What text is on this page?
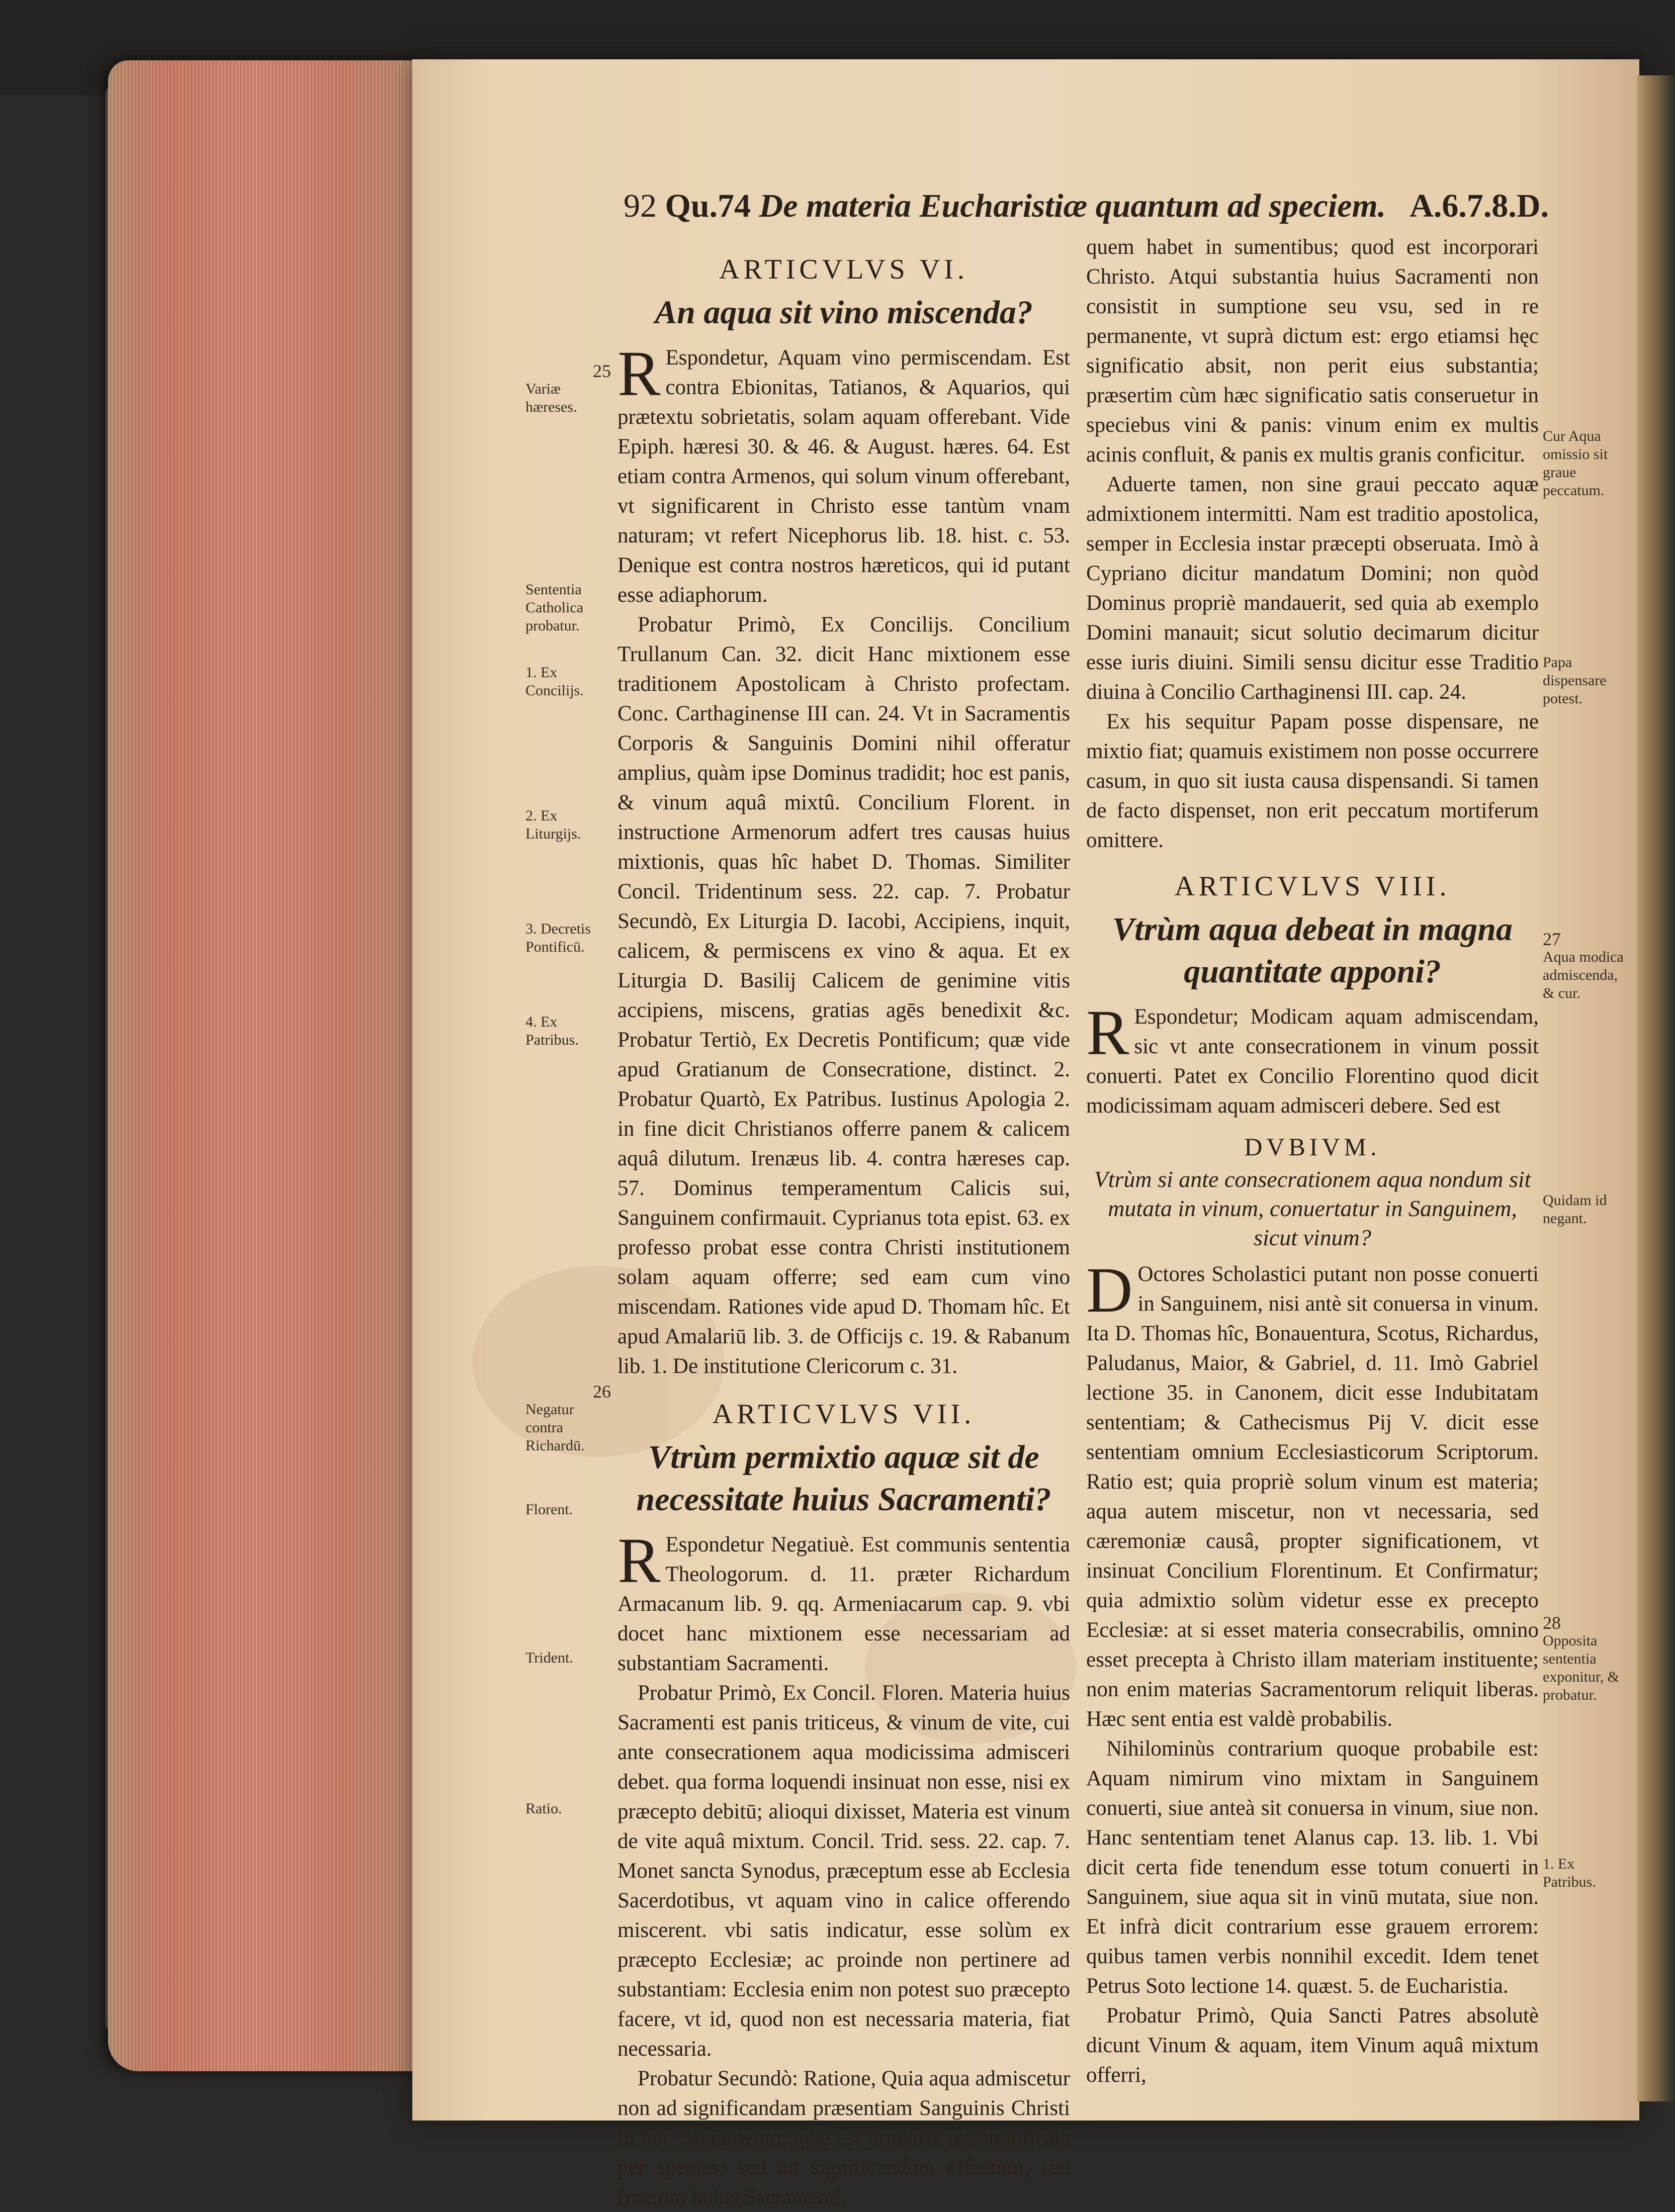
92 Qu.74 De materia Eucharistiæ quantum ad speciem. A.6.7.8.D.
ARTICVLVS VI.
An aqua sit vino miscenda?

R Espondetur, Aquam vino permiscendam. Est contra Ebionitas, Tatianos, & Aquarios, qui prætextu sobrietatis, solam aquam offerebant. Vide Epiph. hæresi 30. & 46. & August. hæres. 64. Est etiam contra Armenos, qui solum vinum offerebant, vt significarent in Christo esse tantùm vnam naturam; vt refert Nicephorus lib. 18. hist. c. 53. Denique est contra nostros hæreticos, qui id putant esse adiaphorum.

Probatur Primò, Ex Concilijs. Concilium Trullanum Can. 32. dicit Hanc mixtionem esse traditionem Apostolicam à Christo profectam. Conc. Carthaginense III can. 24. Vt in Sacramentis Corporis & Sanguinis Domini nihil offeratur amplius, quàm ipse Dominus tradidit; hoc est panis, & vinum aquâ mixtû. Concilium Florent. in instructione Armenorum adfert tres causas huius mixtionis, quas hîc habet D. Thomas. Similiter Concil. Tridentinum sess. 22. cap. 7. Probatur Secundò, Ex Liturgia D. Iacobi, Accipiens, inquit, calicem, & permiscens ex vino & aqua. Et ex Liturgia D. Basilij Calicem de genimine vitis accipiens, miscens, gratias agēs benedixit &c. Probatur Tertiò, Ex Decretis Pontificum; quæ vide apud Gratianum de Consecratione, distinct. 2. Probatur Quartò, Ex Patribus. Iustinus Apologia 2. in fine dicit Christianos offerre panem & calicem aquâ dilutum. Irenæus lib. 4. contra hæreses cap. 57. Dominus temperamentum Calicis sui, Sanguinem confirmauit. Cyprianus tota epist. 63. ex professo probat esse contra Christi institutionem solam aquam offerre; sed eam cum vino miscendam. Rationes vide apud D. Thomam hîc. Et apud Amalariū lib. 3. de Officijs c. 19. & Rabanum lib. 1. De institutione Clericorum c. 31.

ARTICVLVS VII.
Vtrùm permixtio aquæ sit de necessitate huius Sacramenti?

R Espondetur Negatiuè. Est communis sententia Theologorum. d. 11. præter Richardum Armacanum lib. 9. qq. Armeniacarum cap. 9. vbi docet hanc mixtionem esse necessariam ad substantiam Sacramenti.

Probatur Primò, Ex Concil. Floren. Materia huius Sacramenti est panis triticeus, & vinum de vite, cui ante consecrationem aqua modicissima admisceri debet. qua forma loquendi insinuat non esse, nisi ex præcepto debitū; alioqui dixisset, Materia est vinum de vite aquâ mixtum. Concil. Trid. sess. 22. cap. 7. Monet sancta Synodus, præceptum esse ab Ecclesia Sacerdotibus, vt aquam vino in calice offerendo miscerent. vbi satis indicatur, esse solùm ex præcepto Ecclesiæ; ac proinde non pertinere ad substantiam: Ecclesia enim non potest suo præcepto facere, vt id, quod non est necessaria materia, fiat necessaria.

Probatur Secundò: Ratione, Quia aqua admiscetur non ad significandam præsentiam Sanguinis Christi in hoc Sacramento, quæ est primaria res significata per species; sed ad significandum effectum, seu fructum huius Sacramenti,

quem habet in sumentibus; quod est incorporari Christo. Atqui substantia huius Sacramenti non consistit in sumptione seu vsu, sed in re permanente, vt suprà dictum est: ergo etiamsi hęc significatio absit, non perit eius substantia; præsertim cùm hæc significatio satis conseruetur in speciebus vini & panis: vinum enim ex multis acinis confluit, & panis ex multis granis conficitur.

Aduerte tamen, non sine graui peccato aquæ admixtionem intermitti. Nam est traditio apostolica, semper in Ecclesia instar præcepti obseruata. Imò à Cypriano dicitur mandatum Domini; non quòd Dominus propriè mandauerit, sed quia ab exemplo Domini manauit; sicut solutio decimarum dicitur esse iuris diuini. Simili sensu dicitur esse Traditio diuina à Concilio Carthaginensi III. cap. 24.

Ex his sequitur Papam posse dispensare, ne mixtio fiat; quamuis existimem non posse occurrere casum, in quo sit iusta causa dispensandi. Si tamen de facto dispenset, non erit peccatum mortiferum omittere.

ARTICVLVS VIII.
Vtrùm aqua debeat in magna quantitate apponi?

R Espondetur; Modicam aquam admiscendam, sic vt ante consecrationem in vinum possit conuerti. Patet ex Concilio Florentino quod dicit modicissimam aquam admisceri debere. Sed est

DVBIVM.
Vtrùm si ante consecrationem aqua nondum sit mutata in vinum, conuertatur in Sanguinem, sicut vinum?

D Octores Scholastici putant non posse conuerti in Sanguinem, nisi antè sit conuersa in vinum. Ita D. Thomas hîc, Bonauentura, Scotus, Richardus, Paludanus, Maior, & Gabriel, d. 11. Imò Gabriel lectione 35. in Canonem, dicit esse Indubitatam sententiam; & Cathecismus Pij V. dicit esse sententiam omnium Ecclesiasticorum Scriptorum. Ratio est; quia propriè solum vinum est materia; aqua autem miscetur, non vt necessaria, sed cæremoniæ causâ, propter significationem, vt insinuat Concilium Florentinum. Et Confirmatur; quia admixtio solùm videtur esse ex precepto Ecclesiæ: at si esset materia consecrabilis, omnino esset precepta à Christo illam materiam instituente; non enim materias Sacramentorum reliquit liberas. Hæc sent entia est valdè probabilis.

Nihilominùs contrarium quoque probabile est: Aquam nimirum vino mixtam in Sanguinem conuerti, siue anteà sit conuersa in vinum, siue non. Hanc sententiam tenet Alanus cap. 13. lib. 1. Vbi dicit certa fide tenendum esse totum conuerti in Sanguinem, siue aqua sit in vinū mutata, siue non. Et infrà dicit contrarium esse grauem errorem: quibus tamen verbis nonnihil excedit. Idem tenet Petrus Soto lectione 14. quæst. 5. de Eucharistia.

Probatur Primò, Quia Sancti Patres absolutè dicunt Vinum & aquam, item Vinum aquâ mixtum offerri,

25
Variæ hæreses.
Sententia Catholica probatur.
1. Ex Concilijs.
2. Ex Liturgijs.
3. Decretis Pontificū.
4. Ex Patribus.
26
Negatur contra Richardū.
Florent.
Trident.
Ratio.
Cur Aqua omissio sit graue peccatum.
Papa dispensare potest.
27
Aqua modica admiscenda, & cur.
Quidam id negant.
28
Opposita sententia exponitur, & probatur.
1. Ex Patribus.
